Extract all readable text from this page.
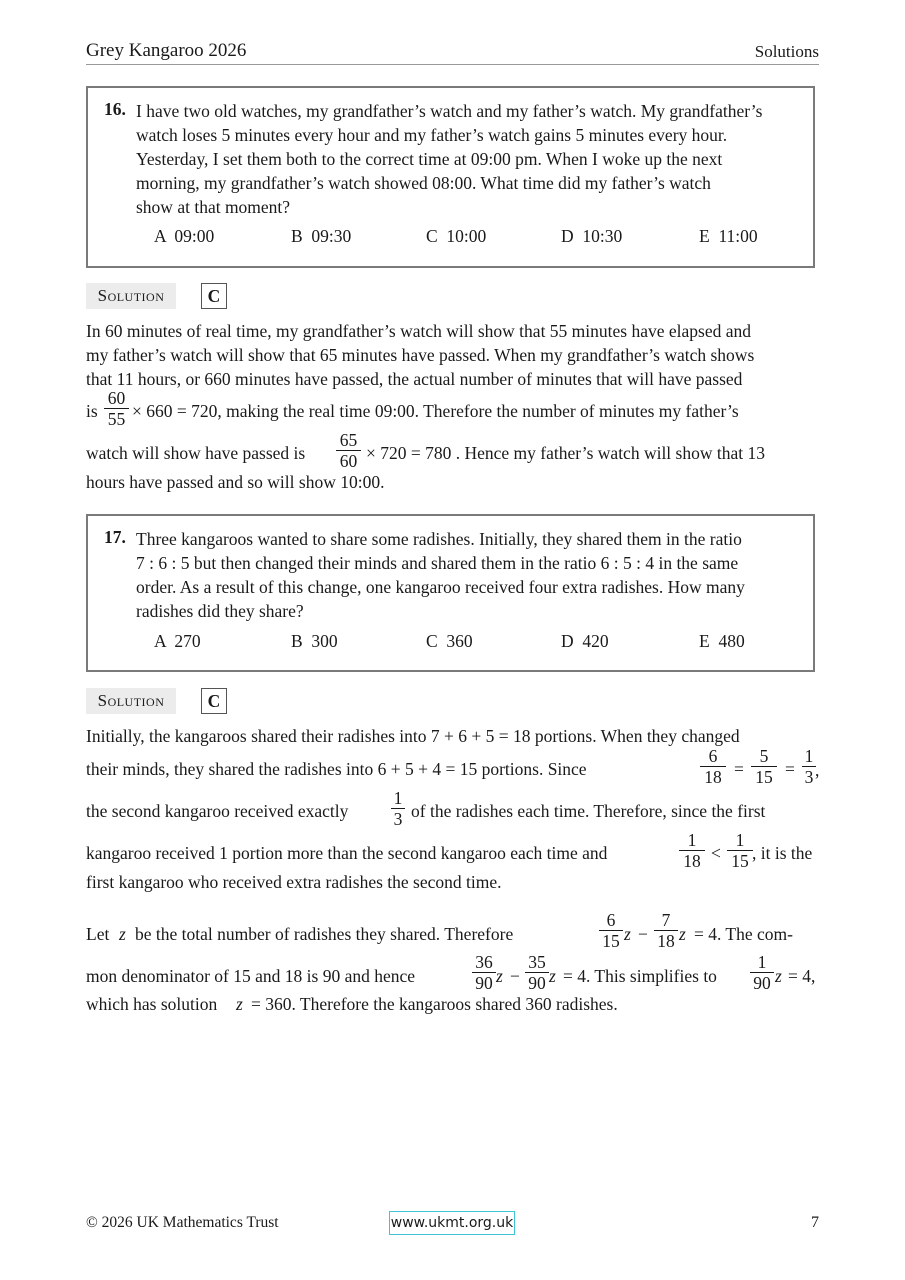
Grey Kangaroo 2026	Solutions
16. I have two old watches, my grandfather’s watch and my father’s watch. My grandfather’s
watch loses 5 minutes every hour and my father’s watch gains 5 minutes every hour.
Yesterday, I set them both to the correct time at 09:00 pm. When I woke up the next
morning, my grandfather’s watch showed 08:00. What time did my father’s watch
show at that moment?
A  09:00	B  09:30	C  10:00	D  10:30	E  11:00
Solution	C
In 60 minutes of real time, my grandfather’s watch will show that 55 minutes have elapsed and
my father’s watch will show that 65 minutes have passed. When my grandfather’s watch shows
that 11 hours, or 660 minutes have passed, the actual number of minutes that will have passed
is
60
55 × 660 = 720, making the real time 09:00. Therefore the number of minutes my father’s
watch will show have passed is
65
60 × 720 = 780 . Hence my father’s watch will show that 13
hours have passed and so will show 10:00.
17. Three kangaroos wanted to share some radishes. Initially, they shared them in the ratio
7 : 6 : 5 but then changed their minds and shared them in the ratio 6 : 5 : 4 in the same
order. As a result of this change, one kangaroo received four extra radishes. How many
radishes did they share?
A  270	B  300	C  360	D  420	E  480
Solution	C
Initially, the kangaroos shared their radishes into 7 + 6 + 5 = 18 portions. When they changed
their minds, they shared the radishes into 6 + 5 + 4 = 15 portions. Since
6
18 =
5
15 =
1
3 ,
the second kangaroo received exactly
1
3 of the radishes each time. Therefore, since the first
kangaroo received 1 portion more than the second kangaroo each time and
1
18 <
1
15 , it is the
first kangaroo who received extra radishes the second time.
Let z be the total number of radishes they shared. Therefore
6
15 z −
7
18 z = 4. The com-
mon denominator of 15 and 18 is 90 and hence
36
90 z −
35
90 z = 4. This simplifies to
1
90 z = 4,
which has solution z = 360. Therefore the kangaroos shared 360 radishes.
© 2026 UK Mathematics Trust	www.ukmt.org.uk	7
